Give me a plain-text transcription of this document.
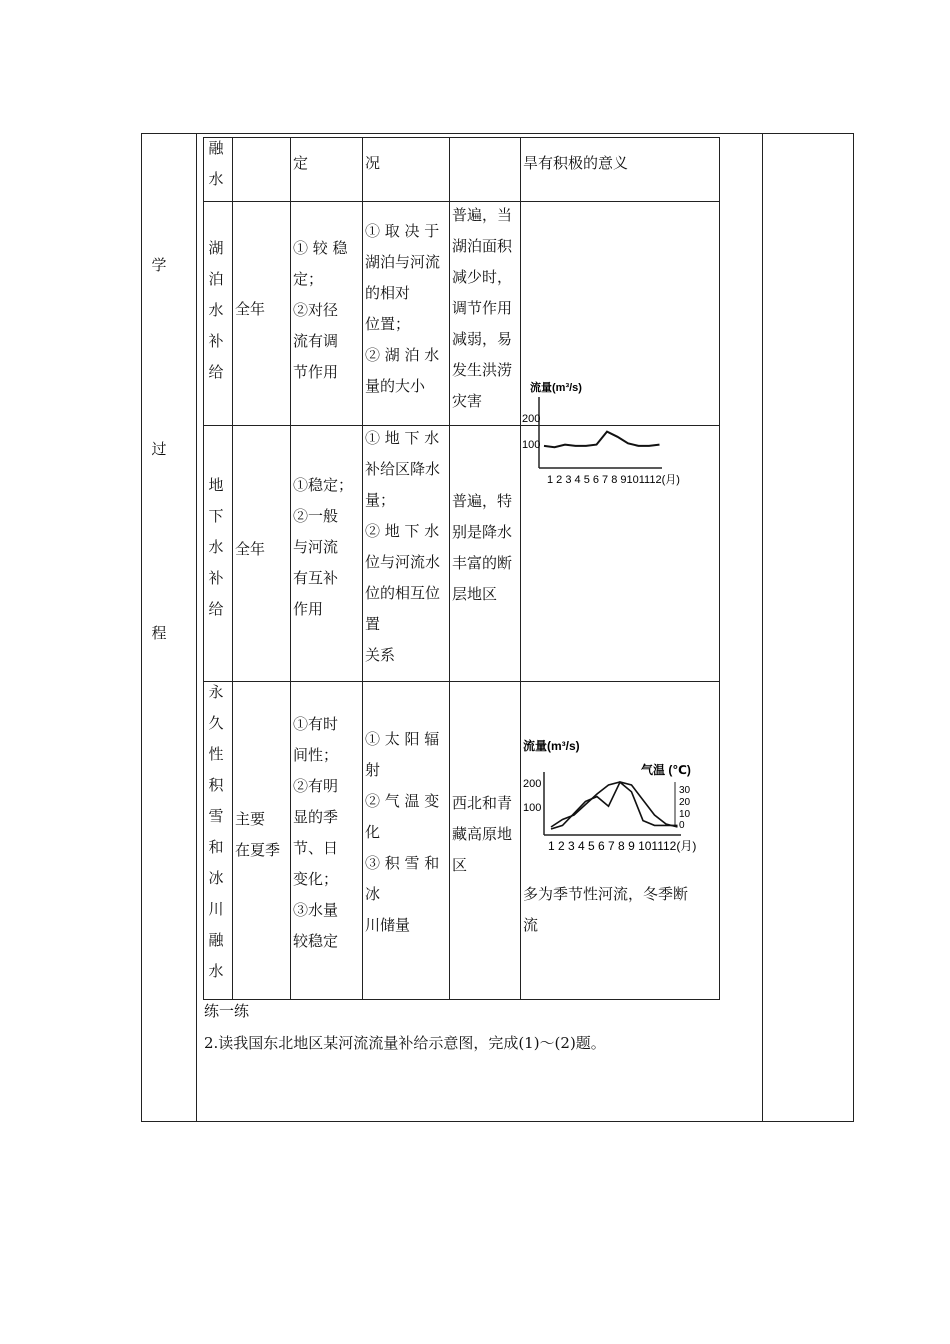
学
过
程
融
水
定	况	旱有积极的意义
湖
泊
水
补
给
全年
① 较 稳
定；
②对径
流有调
节作用
① 取 决 于
湖泊与河流
的相对
位置；
② 湖 泊 水
量的大小
普遍，当
湖泊面积
减少时，
调节作用
减弱，易
发生洪涝
灾害
流量(m³/s)
200
100
1 2 3 4 5 6 7 8 9101112(月)
地
下
水
补
给
全年
①稳定；
②一般
与河流
有互补
作用
① 地 下 水
补给区降水
量；
② 地 下 水
位与河流水
位的相互位
置
关系
普遍，特
别是降水
丰富的断
层地区
永
久
性
积
雪
和
冰
川
融
水
主要
在夏季
①有时
间性；
②有明
显的季
节、日
变化；
③水量
较稳定
① 太 阳 辐
射
② 气 温 变
化
③ 积 雪 和
冰
川储量
西北和青
藏高原地
区
流量(m³/s)
气温 (℃)
200
100
30
20
10
0
1 2 3 4 5 6 7 8 9 101112(月)
多为季节性河流，冬季断
流
练一练
2.读我国东北地区某河流流量补给示意图，完成(1)～(2)题。
